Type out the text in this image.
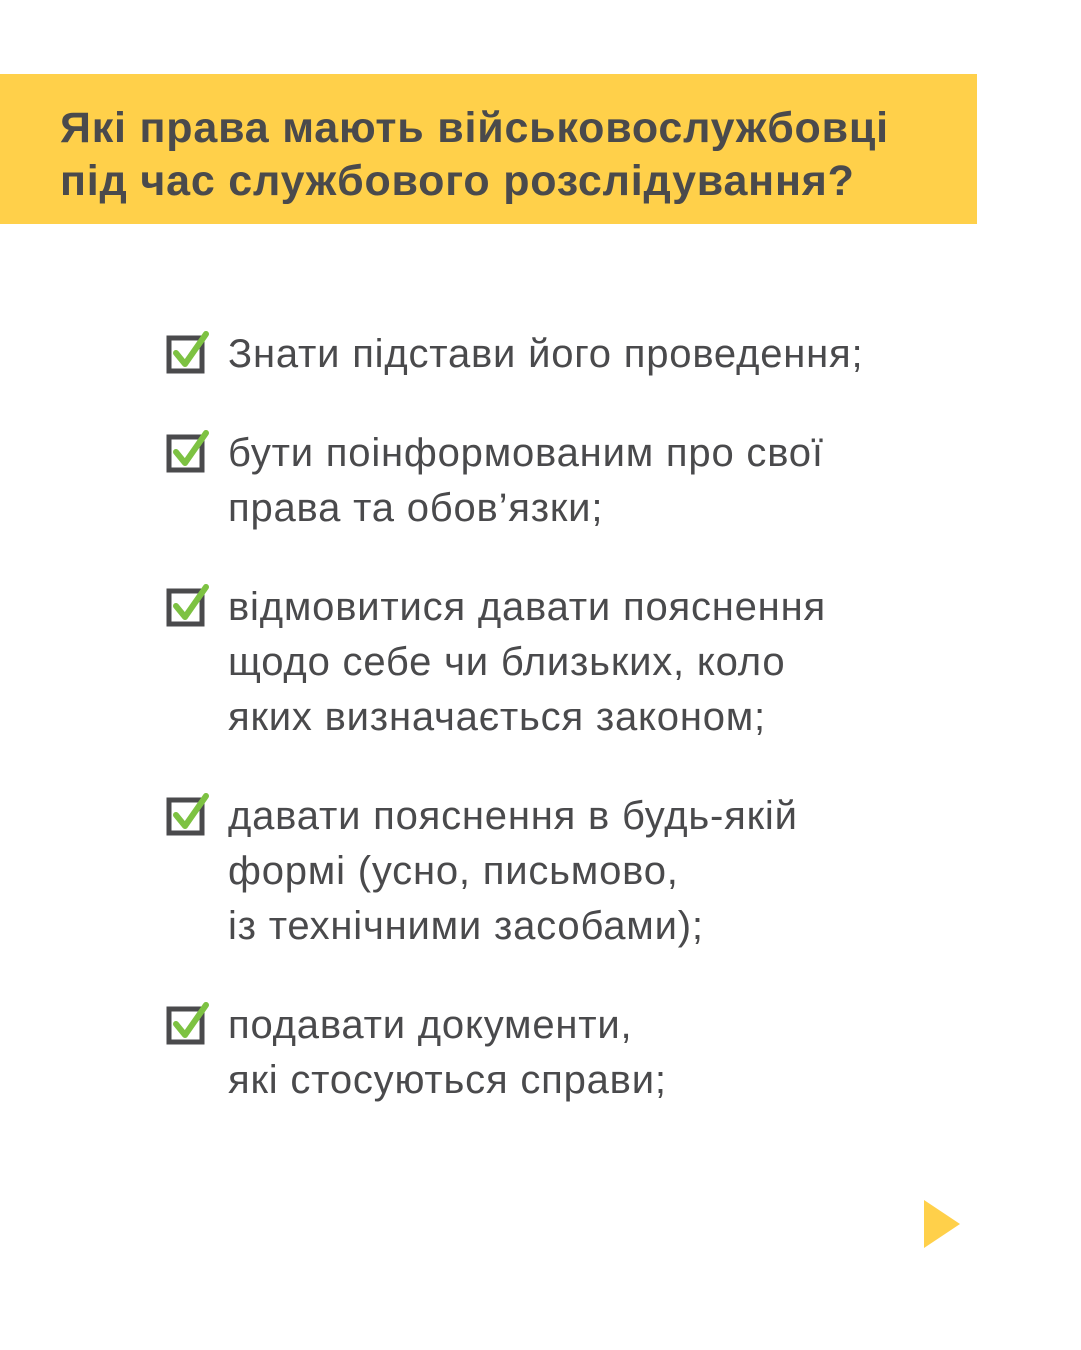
Які права мають військовослужбовці
під час службового розслідування?
Знати підстави його проведення;
бути поінформованим про свої
права та обов’язки;
відмовитися давати пояснення
щодо себе чи близьких, коло
яких визначається законом;
давати пояснення в будь-якій
формі (усно, письмово,
із технічними засобами);
подавати документи,
які стосуються справи;
